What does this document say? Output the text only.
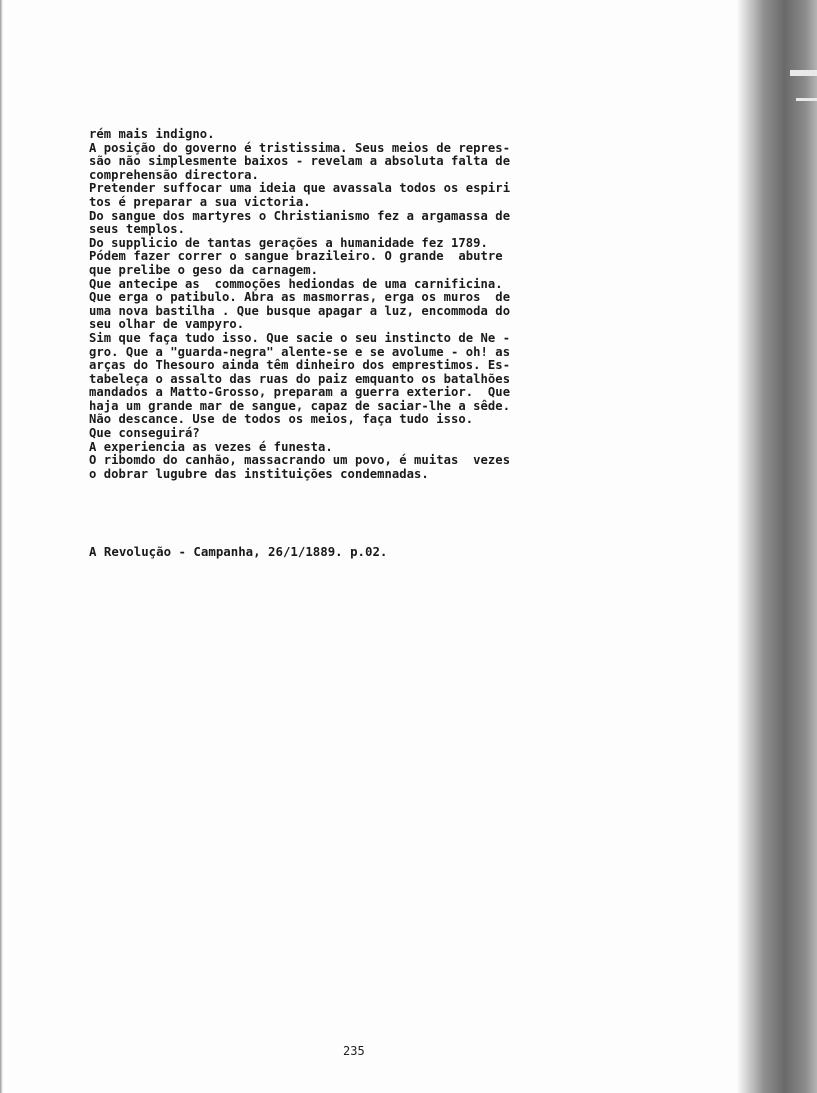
rém mais indigno.
A posição do governo é tristissima. Seus meios de repres-
são não simplesmente baixos - revelam a absoluta falta de
comprehensão directora.
Pretender suffocar uma ideia que avassala todos os espiri
tos é preparar a sua victoria.
Do sangue dos martyres o Christianismo fez a argamassa de
seus templos.
Do supplicio de tantas gerações a humanidade fez 1789.
Pódem fazer correr o sangue brazileiro. O grande  abutre
que prelibe o geso da carnagem.
Que antecipe as  commoções hediondas de uma carnificina.
Que erga o patibulo. Abra as masmorras, erga os muros  de
uma nova bastilha . Que busque apagar a luz, encommoda do
seu olhar de vampyro.
Sim que faça tudo isso. Que sacie o seu instincto de Ne -
gro. Que a "guarda-negra" alente-se e se avolume - oh! as
arças do Thesouro ainda têm dinheiro dos emprestimos. Es-
tabeleça o assalto das ruas do paiz emquanto os batalhões
mandados a Matto-Grosso, preparam a guerra exterior.  Que
haja um grande mar de sangue, capaz de saciar-lhe a sêde.
Não descance. Use de todos os meios, faça tudo isso.
Que conseguirá?
A experiencia as vezes é funesta.
O ribomdo do canhão, massacrando um povo, é muitas  vezes
o dobrar lugubre das instituições condemnadas.
A Revolução - Campanha, 26/1/1889. p.02.
235
